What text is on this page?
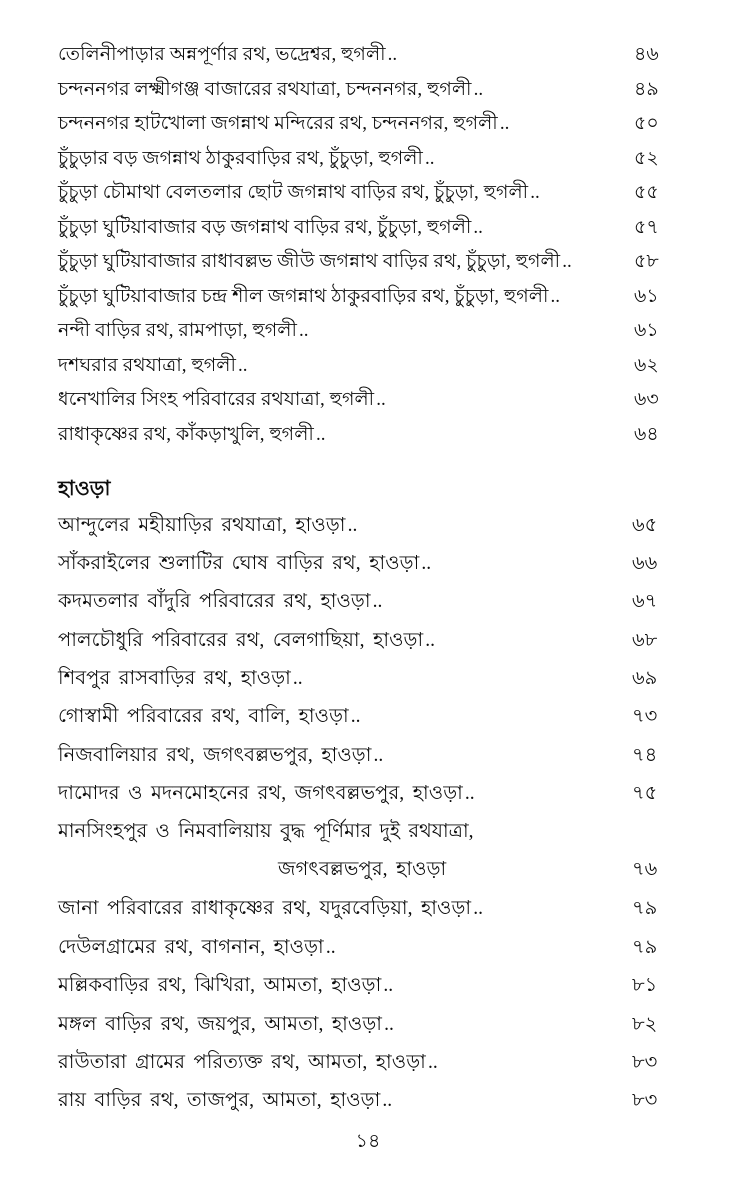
তেলিনীপাড়ার অন্নপূর্ণার রথ, ভদ্রেশ্বর, হুগলী ..	৪৬
চন্দননগর লক্ষ্মীগঞ্জ বাজারের রথযাত্রা, চন্দননগর, হুগলী ..	৪৯
চন্দননগর হাটখোলা জগন্নাথ মন্দিরের রথ, চন্দননগর, হুগলী ..	৫০
চুঁচুড়ার বড় জগন্নাথ ঠাকুরবাড়ির রথ, চুঁচুড়া, হুগলী ..	৫২
চুঁচুড়া চৌমাথা বেলতলার ছোট জগন্নাথ বাড়ির রথ, চুঁচুড়া, হুগলী ..	৫৫
চুঁচুড়া ঘুটিয়াবাজার বড় জগন্নাথ বাড়ির রথ, চুঁচুড়া, হুগলী ..	৫৭
চুঁচুড়া ঘুটিয়াবাজার রাধাবল্লভ জীউ জগন্নাথ বাড়ির রথ, চুঁচুড়া, হুগলী ..	৫৮
চুঁচুড়া ঘুটিয়াবাজার চন্দ্র শীল জগন্নাথ ঠাকুরবাড়ির রথ, চুঁচুড়া, হুগলী ..	৬১
নন্দী বাড়ির রথ, রামপাড়া, হুগলী ..	৬১
দশঘরার রথযাত্রা, হুগলী ..	৬২
ধনেখালির সিংহ পরিবারের রথযাত্রা, হুগলী ..	৬৩
রাধাকৃষ্ণের রথ, কাঁকড়াখুলি, হুগলী ..	৬৪
হাওড়া
আন্দুলের মহীয়াড়ির রথযাত্রা, হাওড়া ..	৬৫
সাঁকরাইলের শুলাটির ঘোষ বাড়ির রথ, হাওড়া ..	৬৬
কদমতলার বাঁদুরি পরিবারের রথ, হাওড়া ..	৬৭
পালচৌধুরি পরিবারের রথ, বেলগাছিয়া, হাওড়া ..	৬৮
শিবপুর রাসবাড়ির রথ, হাওড়া ..	৬৯
গোস্বামী পরিবারের রথ, বালি, হাওড়া ..	৭৩
নিজবালিয়ার রথ, জগৎবল্লভপুর, হাওড়া ..	৭৪
দামোদর ও মদনমোহনের রথ, জগৎবল্লভপুর, হাওড়া ..	৭৫
মানসিংহপুর ও নিমবালিয়ায় বুদ্ধ পূর্ণিমার দুই রথযাত্রা,
জগৎবল্লভপুর, হাওড়া	৭৬
জানা পরিবারের রাধাকৃষ্ণের রথ, যদুরবেড়িয়া, হাওড়া ..	৭৯
দেউলগ্রামের রথ, বাগনান, হাওড়া ..	৭৯
মল্লিকবাড়ির রথ, ঝিখিরা, আমতা, হাওড়া ..	৮১
মঙ্গল বাড়ির রথ, জয়পুর, আমতা, হাওড়া ..	৮২
রাউতারা গ্রামের পরিত্যক্ত রথ, আমতা, হাওড়া ..	৮৩
রায় বাড়ির রথ, তাজপুর, আমতা, হাওড়া ..	৮৩
১৪
